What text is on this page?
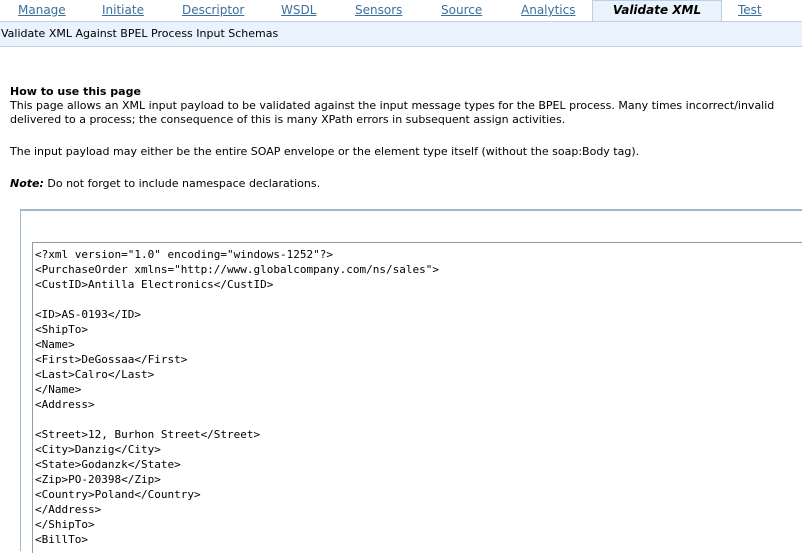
Manage	Initiate	Descriptor	WSDL	Sensors	Source	Analytics	Validate XML	Test
Validate XML Against BPEL Process Input Schemas
How to use this page
This page allows an XML input payload to be validated against the input message types for the BPEL process. Many times incorrect/invalid
delivered to a process; the consequence of this is many XPath errors in subsequent assign activities.
The input payload may either be the entire SOAP envelope or the element type itself (without the soap:Body tag).
Note: Do not forget to include namespace declarations.
<?xml version="1.0" encoding="windows-1252"?>
<PurchaseOrder xmlns="http://www.globalcompany.com/ns/sales">
<CustID>Antilla Electronics</CustID>

<ID>AS-0193</ID>
<ShipTo>
<Name>
<First>DeGossaa</First>
<Last>Calro</Last>
</Name>
<Address>

<Street>12, Burhon Street</Street>
<City>Danzig</City>
<State>Godanzk</State>
<Zip>PO-20398</Zip>
<Country>Poland</Country>
</Address>
</ShipTo>
<BillTo>
